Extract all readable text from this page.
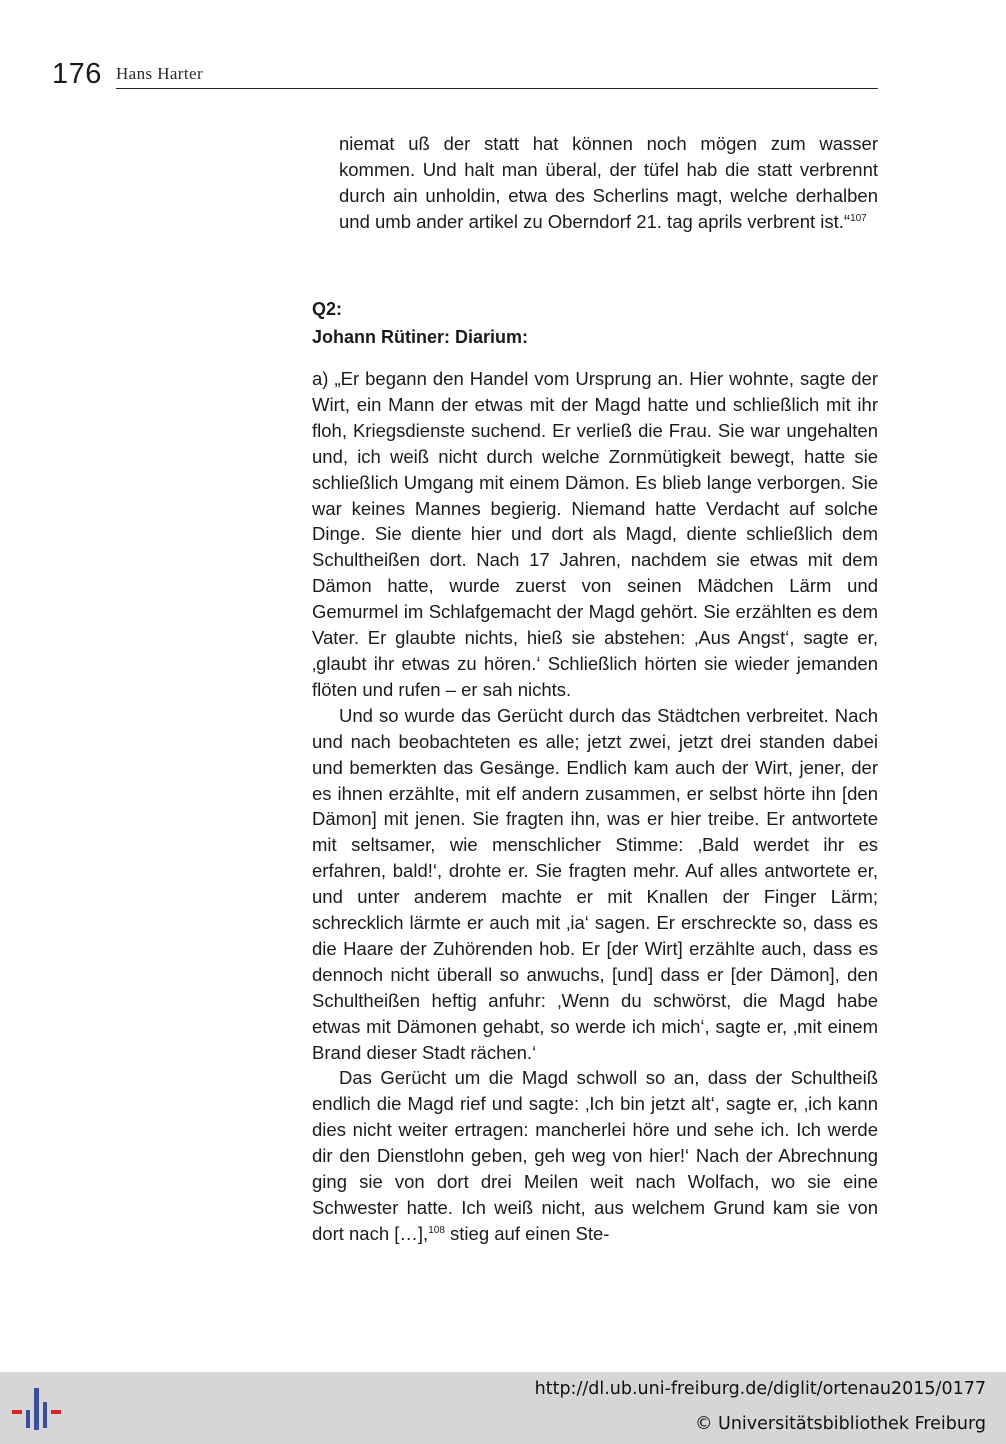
176 Hans Harter

niemat uß der statt hat können noch mögen zum wasser kommen. Und halt man überal, der tüfel hab die statt verbrennt durch ain unholdin, etwa des Scherlins magt, welche derhalben und umb ander artikel zu Oberndorf 21. tag aprils verbrent ist.“$^{107}$

Q2:
Johann Rütiner: Diarium:

a) „Er begann den Handel vom Ursprung an. Hier wohnte, sagte der Wirt, ein Mann der etwas mit der Magd hatte und schließlich mit ihr floh, Kriegsdienste suchend. Er verließ die Frau. Sie war ungehalten und, ich weiß nicht durch welche Zornmütigkeit bewegt, hatte sie schließlich Umgang mit einem Dämon. Es blieb lange verborgen. Sie war keines Mannes begierig. Niemand hatte Verdacht auf solche Dinge. Sie diente hier und dort als Magd, diente schließlich dem Schultheißen dort. Nach 17 Jahren, nachdem sie etwas mit dem Dämon hatte, wurde zuerst von seinen Mädchen Lärm und Gemurmel im Schlafgemacht der Magd gehört. Sie erzählten es dem Vater. Er glaubte nichts, hieß sie abstehen: ‚Aus Angst‘, sagte er, ‚glaubt ihr etwas zu hören.‘ Schließlich hörten sie wieder jemanden flöten und rufen – er sah nichts.

Und so wurde das Gerücht durch das Städtchen verbreitet. Nach und nach beobachteten es alle; jetzt zwei, jetzt drei standen dabei und bemerkten das Gesänge. Endlich kam auch der Wirt, jener, der es ihnen erzählte, mit elf andern zusammen, er selbst hörte ihn [den Dämon] mit jenen. Sie fragten ihn, was er hier treibe. Er antwortete mit seltsamer, wie menschlicher Stimme: ‚Bald werdet ihr es erfahren, bald!‘, drohte er. Sie fragten mehr. Auf alles antwortete er, und unter anderem machte er mit Knallen der Finger Lärm; schrecklich lärmte er auch mit ‚ia‘ sagen. Er erschreckte so, dass es die Haare der Zuhörenden hob. Er [der Wirt] erzählte auch, dass es dennoch nicht überall so anwuchs, [und] dass er [der Dämon], den Schultheißen heftig anfuhr: ‚Wenn du schwörst, die Magd habe etwas mit Dämonen gehabt, so werde ich mich‘, sagte er, ‚mit einem Brand dieser Stadt rächen.‘

Das Gerücht um die Magd schwoll so an, dass der Schultheiß endlich die Magd rief und sagte: ‚Ich bin jetzt alt‘, sagte er, ‚ich kann dies nicht weiter ertragen: mancherlei höre und sehe ich. Ich werde dir den Dienstlohn geben, geh weg von hier!‘ Nach der Abrechnung ging sie von dort drei Meilen weit nach Wolfach, wo sie eine Schwester hatte. Ich weiß nicht, aus welchem Grund kam sie von dort nach […],$^{108}$ stieg auf einen Ste-

http://dl.ub.uni-freiburg.de/diglit/ortenau2015/0177
© Universitätsbibliothek Freiburg
